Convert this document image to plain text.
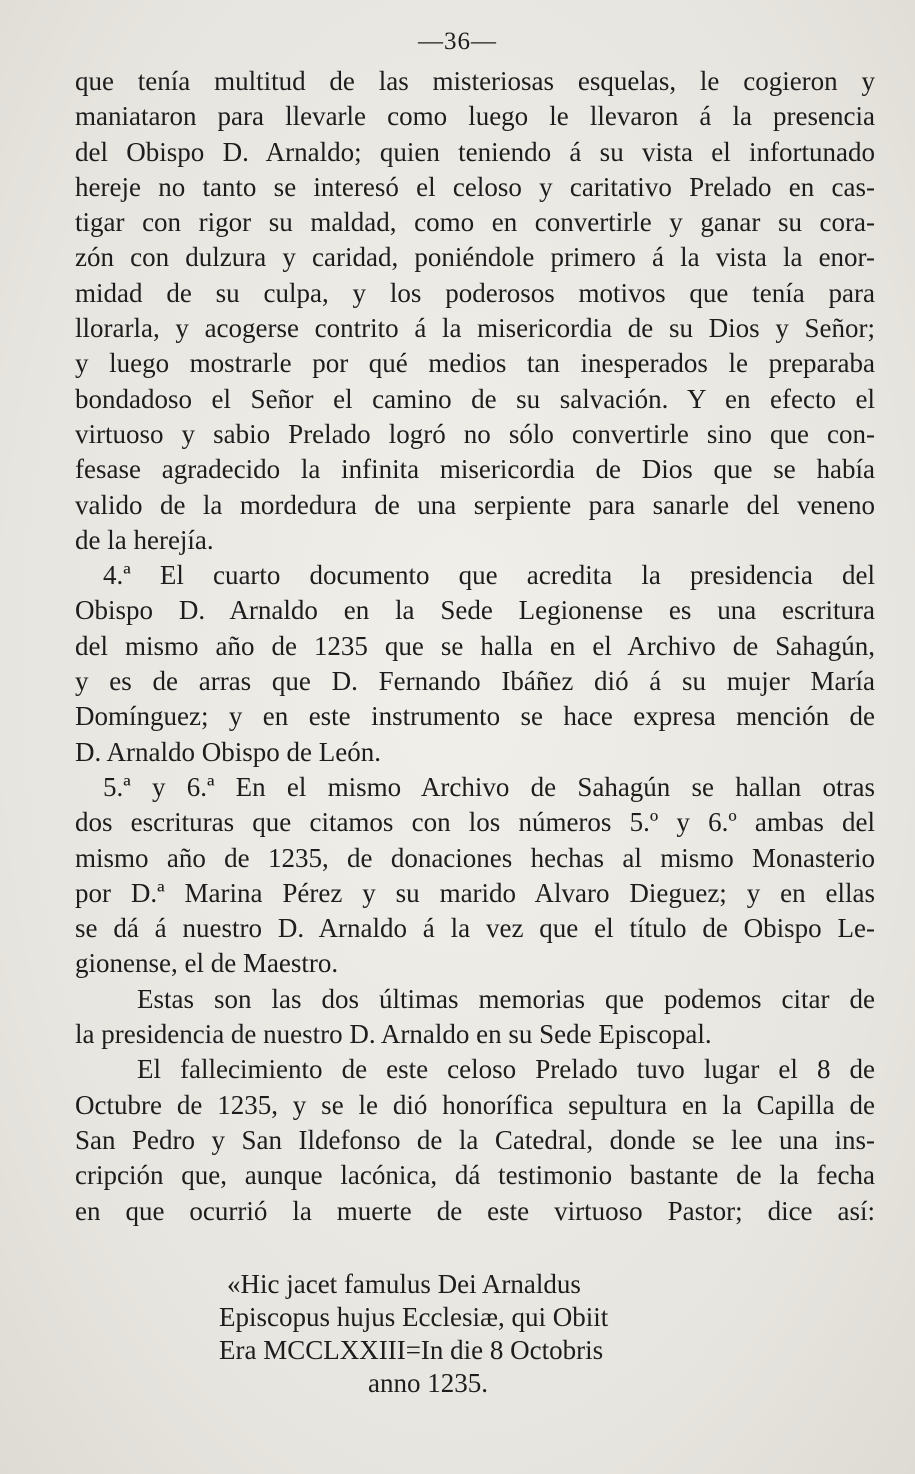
—36—
que tenía multitud de las misteriosas esquelas, le cogieron y
maniataron para llevarle como luego le llevaron á la presencia
del Obispo D. Arnaldo; quien teniendo á su vista el infortunado
hereje no tanto se interesó el celoso y caritativo Prelado en cas-
tigar con rigor su maldad, como en convertirle y ganar su cora-
zón con dulzura y caridad, poniéndole primero á la vista la enor-
midad de su culpa, y los poderosos motivos que tenía para
llorarla, y acogerse contrito á la misericordia de su Dios y Señor;
y luego mostrarle por qué medios tan inesperados le preparaba
bondadoso el Señor el camino de su salvación. Y en efecto el
virtuoso y sabio Prelado logró no sólo convertirle sino que con-
fesase agradecido la infinita misericordia de Dios que se había
valido de la mordedura de una serpiente para sanarle del veneno
de la herejía.
4.ª El cuarto documento que acredita la presidencia del
Obispo D. Arnaldo en la Sede Legionense es una escritura
del mismo año de 1235 que se halla en el Archivo de Sahagún,
y es de arras que D. Fernando Ibáñez dió á su mujer María
Domínguez; y en este instrumento se hace expresa mención de
D. Arnaldo Obispo de León.
5.ª y 6.ª En el mismo Archivo de Sahagún se hallan otras
dos escrituras que citamos con los números 5.º y 6.º ambas del
mismo año de 1235, de donaciones hechas al mismo Monasterio
por D.ª Marina Pérez y su marido Alvaro Dieguez; y en ellas
se dá á nuestro D. Arnaldo á la vez que el título de Obispo Le-
gionense, el de Maestro.
Estas son las dos últimas memorias que podemos citar de
la presidencia de nuestro D. Arnaldo en su Sede Episcopal.
El fallecimiento de este celoso Prelado tuvo lugar el 8 de
Octubre de 1235, y se le dió honorífica sepultura en la Capilla de
San Pedro y San Ildefonso de la Catedral, donde se lee una ins-
cripción que, aunque lacónica, dá testimonio bastante de la fecha
en que ocurrió la muerte de este virtuoso Pastor; dice así:
«Hic jacet famulus Dei Arnaldus
Episcopus hujus Ecclesiæ, qui Obiit
Era MCCLXXIII=In die 8 Octobris
anno 1235.
